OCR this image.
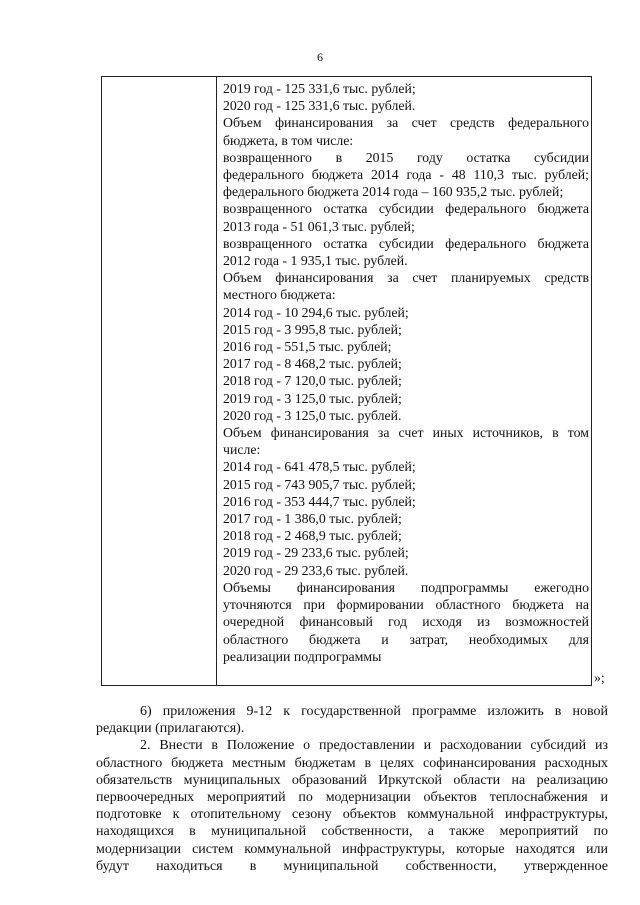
6
2019 год - 125 331,6 тыс. рублей;
2020 год - 125 331,6 тыс. рублей.
Объем финансирования за счет средств федерального
бюджета, в том числе:
возвращенного в 2015 году остатка субсидии
федерального бюджета 2014 года - 48 110,3 тыс. рублей;
федерального бюджета 2014 года – 160 935,2 тыс. рублей;
возвращенного остатка субсидии федерального бюджета
2013 года - 51 061,3 тыс. рублей;
возвращенного остатка субсидии федерального бюджета
2012 года - 1 935,1 тыс. рублей.
Объем финансирования за счет планируемых средств
местного бюджета:
2014 год - 10 294,6 тыс. рублей;
2015 год - 3 995,8 тыс. рублей;
2016 год - 551,5 тыс. рублей;
2017 год - 8 468,2 тыс. рублей;
2018 год - 7 120,0 тыс. рублей;
2019 год - 3 125,0 тыс. рублей;
2020 год - 3 125,0 тыс. рублей.
Объем финансирования за счет иных источников, в том
числе:
2014 год - 641 478,5 тыс. рублей;
2015 год - 743 905,7 тыс. рублей;
2016 год - 353 444,7 тыс. рублей;
2017 год - 1 386,0 тыс. рублей;
2018 год - 2 468,9 тыс. рублей;
2019 год - 29 233,6 тыс. рублей;
2020 год - 29 233,6 тыс. рублей.
Объемы финансирования подпрограммы ежегодно
уточняются при формировании областного бюджета на
очередной финансовый год исходя из возможностей
областного бюджета и затрат, необходимых для
реализации подпрограммы
»;
6) приложения 9-12 к государственной программе изложить в новой
редакции (прилагаются).
2. Внести в Положение о предоставлении и расходовании субсидий из
областного бюджета местным бюджетам в целях софинансирования расходных
обязательств муниципальных образований Иркутской области на реализацию
первоочередных мероприятий по модернизации объектов теплоснабжения и
подготовке к отопительному сезону объектов коммунальной инфраструктуры,
находящихся в муниципальной собственности, а также мероприятий по
модернизации систем коммунальной инфраструктуры, которые находятся или
будут находиться в муниципальной собственности, утвержденное
